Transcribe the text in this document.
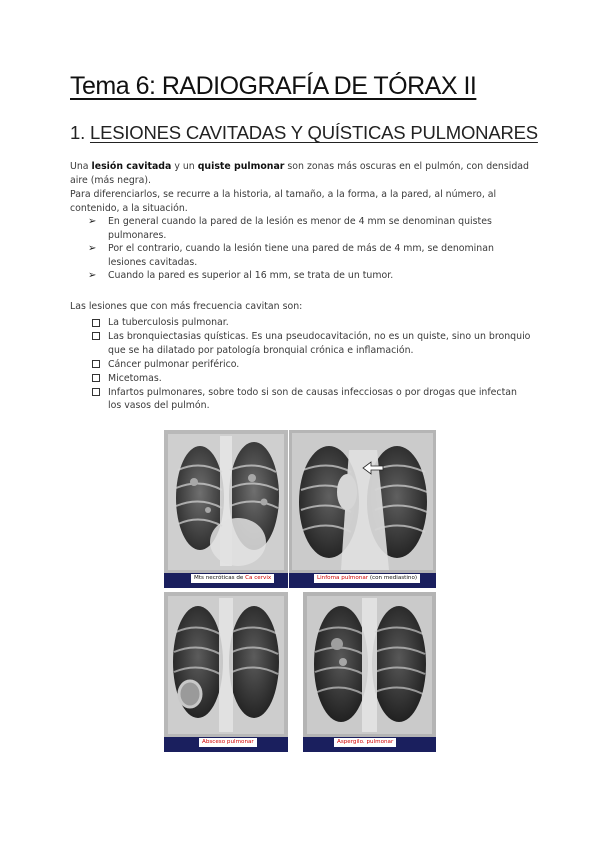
Tema 6: RADIOGRAFÍA DE TÓRAX II
1. LESIONES CAVITADAS Y QUÍSTICAS PULMONARES

Una lesión cavitada y un quiste pulmonar son zonas más oscuras en el pulmón, con densidad aire (más negra).

Para diferenciarlos, se recurre a la historia, al tamaño, a la forma, a la pared, al número, al contenido, a la situación.

➢ En general cuando la pared de la lesión es menor de 4 mm se denominan quistes pulmonares.
➢ Por el contrario, cuando la lesión tiene una pared de más de 4 mm, se denominan lesiones cavitadas.
➢ Cuando la pared es superior al 16 mm, se trata de un tumor.

Las lesiones que con más frecuencia cavitan son:

La tuberculosis pulmonar.
Las bronquiectasias quísticas. Es una pseudocavitación, no es un quiste, sino un bronquio que se ha dilatado por patología bronquial crónica e inflamación.
Cáncer pulmonar periférico.
Micetomas.
Infartos pulmonares, sobre todo si son de causas infecciosas o por drogas que infectan los vasos del pulmón.
Mts necróticas de Ca cervix	Linfoma pulmonar (con mediastino)
Absceso pulmonar	Aspergilo. pulmonar
